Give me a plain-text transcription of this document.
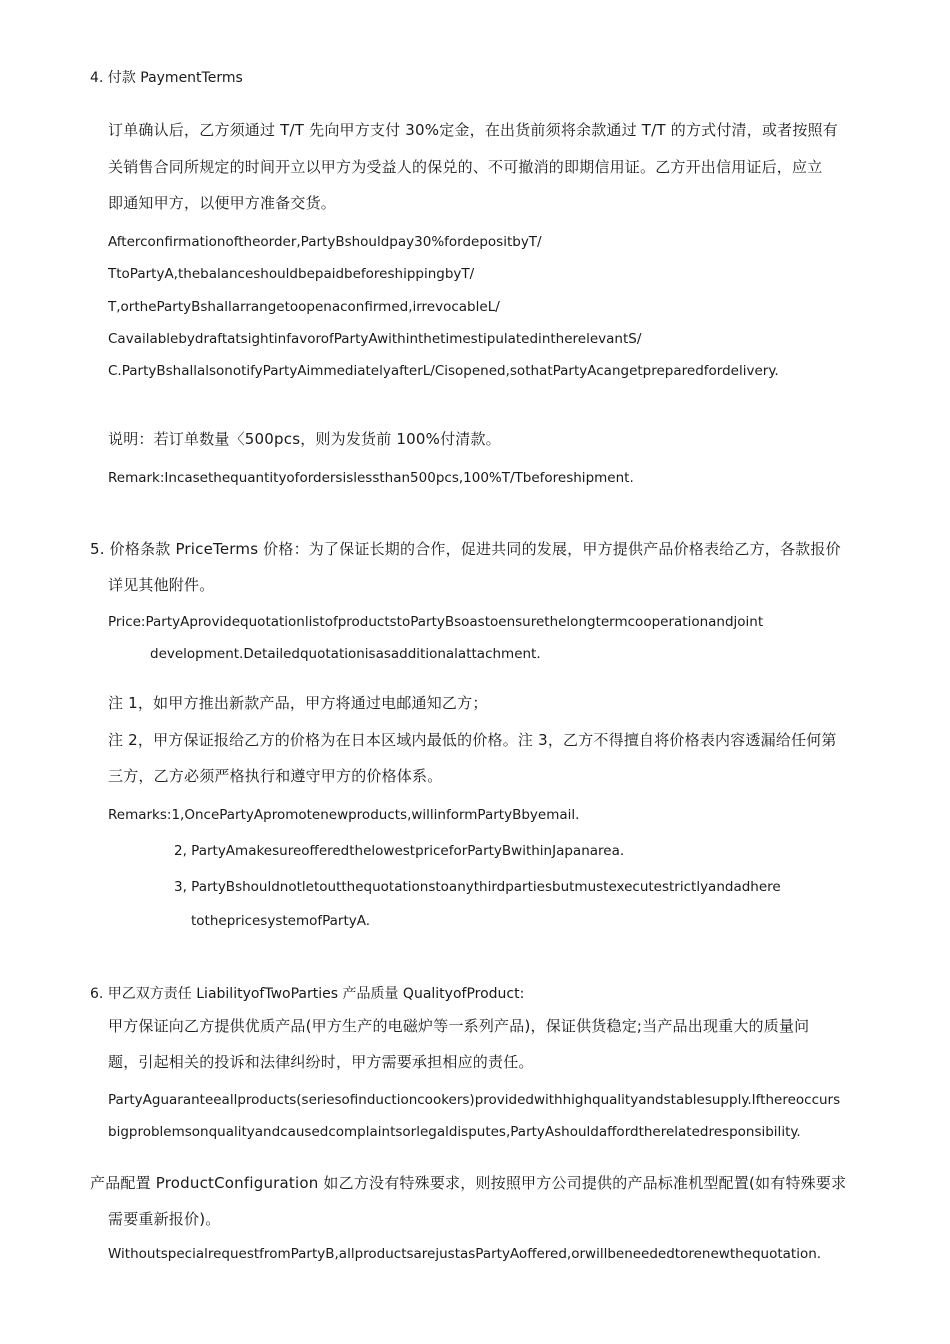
4. 付款 PaymentTerms
订单确认后，乙方须通过 T/T 先向甲方支付 30%定金，在出货前须将余款通过 T/T 的方式付清，或者按照有
关销售合同所规定的时间开立以甲方为受益人的保兑的、不可撤消的即期信用证。乙方开出信用证后，应立
即通知甲方，以便甲方准备交货。
Afterconfirmationoftheorder,PartyBshouldpay30%fordepositbyT/
TtoPartyA,thebalanceshouldbepaidbeforeshippingbyT/
T,orthePartyBshallarrangetoopenaconfirmed,irrevocableL/
CavailablebydraftatsightinfavorofPartyAwithinthetimestipulatedintherelevantS/
C.PartyBshallalsonotifyPartyAimmediatelyafterL/Cisopened,sothatPartyAcangetpreparedfordelivery.
说明：若订单数量〈500pcs，则为发货前 100%付清款。
Remark:Incasethequantityofordersislessthan500pcs,100%T/Tbeforeshipment.
5. 价格条款 PriceTerms 价格：为了保证长期的合作，促进共同的发展，甲方提供产品价格表给乙方，各款报价
详见其他附件。
Price:PartyAprovidequotationlistofproductstoPartyBsoastoensurethelongtermcooperationandjoint
development.Detailedquotationisasadditionalattachment.
注 1，如甲方推出新款产品，甲方将通过电邮通知乙方；
注 2，甲方保证报给乙方的价格为在日本区域内最低的价格。注 3，乙方不得擅自将价格表内容透漏给任何第
三方，乙方必须严格执行和遵守甲方的价格体系。
Remarks:1,OncePartyApromotenewproducts,willinformPartyBbyemail.
2, PartyAmakesureofferedthelowestpriceforPartyBwithinJapanarea.
3, PartyBshouldnotletoutthequotationstoanythirdpartiesbutmustexecutestrictlyandadhere
tothepricesystemofPartyA.
6. 甲乙双方责任 LiabilityofTwoParties 产品质量 QualityofProduct:
甲方保证向乙方提供优质产品(甲方生产的电磁炉等一系列产品)，保证供货稳定;当产品出现重大的质量问
题，引起相关的投诉和法律纠纷时，甲方需要承担相应的责任。
PartyAguaranteeallproducts(seriesofinductioncookers)providedwithhighqualityandstablesupply.Ifthereoccurs
bigproblemsonqualityandcausedcomplaintsorlegaldisputes,PartyAshouldaffordtherelatedresponsibility.
产品配置 ProductConfiguration 如乙方没有特殊要求，则按照甲方公司提供的产品标准机型配置(如有特殊要求
需要重新报价)。
WithoutspecialrequestfromPartyB,allproductsarejustasPartyAoffered,orwillbeneededtorenewthequotation.
